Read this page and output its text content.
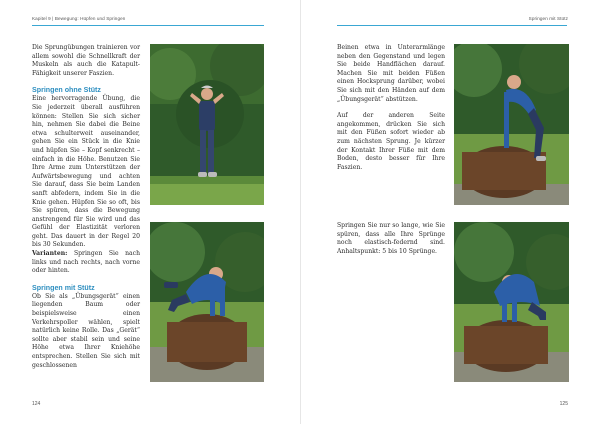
Kapitel 9 | Bewegung: Hüpfen und Springen

Die Sprungübungen trainieren vor allem sowohl die Schnellkraft der Muskeln als auch die Katapult-Fähigkeit unserer Faszien.

Springen ohne Stütz

Eine hervorragende Übung, die Sie jederzeit überall ausführen können: Stellen Sie sich sicher hin, nehmen Sie dabei die Beine etwa schulterweit auseinander, gehen Sie ein Stück in die Knie und hüpfen Sie – Kopf senkrecht – einfach in die Höhe. Benutzen Sie Ihre Arme zum Unterstützen der Aufwärtsbewegung und achten Sie darauf, dass Sie beim Landen sanft abfedern, indem Sie in die Knie gehen. Hüpfen Sie so oft, bis Sie spüren, dass die Bewegung anstrengend für Sie wird und das Gefühl der Elastizität verloren geht. Das dauert in der Regel 20 bis 30 Sekunden.

Varianten: Springen Sie nach links und nach rechts, nach vorne oder hinten.

Springen mit Stütz

Ob Sie als „Übungsgerät“ einen liegenden Baum oder beispielsweise einen Verkehrspoller wählen, spielt natürlich keine Rolle. Das „Gerät“ sollte aber stabil sein und seine Höhe etwa Ihrer Kniehöhe entsprechen. Stellen Sie sich mit geschlossenen

124
Springen mit Stütz

Beinen etwa in Unterarmlänge neben den Gegenstand und legen Sie beide Handflächen darauf. Machen Sie mit beiden Füßen einen Hocksprung darüber, wobei Sie sich mit den Händen auf dem „Übungsgerät“ abstützen.

Auf der anderen Seite angekommen, drücken Sie sich mit den Füßen sofort wieder ab zum nächsten Sprung. Je kürzer der Kontakt Ihrer Füße mit dem Boden, desto besser für Ihre Faszien.

Springen Sie nur so lange, wie Sie spüren, dass alle Ihre Sprünge noch elastisch-federnd sind. Anhaltspunkt: 5 bis 10 Sprünge.

125
